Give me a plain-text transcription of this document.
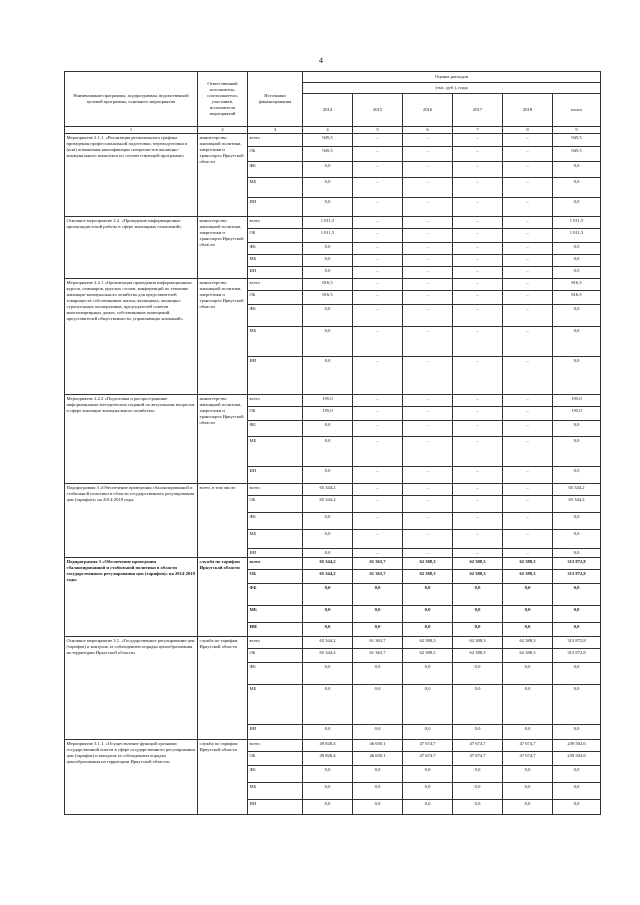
4
Наименование программы, подпрограммы, ведомственной целевой программы, основного мероприятия	Ответственный исполнитель, соисполнители, участники, исполнители мероприятий	Источники финансирования	Оценка расходов					
			(тыс. руб.), годы					
			2014	2015	2016	2017	2018	итого
1	2	3	4	5	6	7	8	9
Мероприятие 2.1.1. «Реализация регионального графика проведения профессиональной подготовки, переподготовки и (или) повышения квалификации специалистов жилищно-коммунального комплекса по соответствующей программе»	министерство жилищной политики, энергетики и транспорта Иркутской области	всего	945,5	–	–	–	–	945,5
		ОБ	945,5	–	–	–	–	945,5
		ФБ	0,0	–	–	–	–	0,0
		МБ	0,0	–	–	–	–	0,0
		ИИ	0,0	–	–	–	–	0,0
Основное мероприятие 2.2. «Проведение информационно-пропагандистской работы в сфере жилищных отношений»	министерство жилищной политики, энергетики и транспорта Иркутской области	всего	1 011,5	–	–	–	–	1 011,5
		ОБ	1 011,5	–	–	–	–	1 011,5
		ФБ	0,0	–	–	–	–	0,0
		МБ	0,0	–	–	–	–	0,0
		ИИ	0,0	–	–	–	–	0,0
Мероприятие 2.2.1 «Организация проведения информационных курсов, семинаров, круглых столов, конференций по тематике жилищно-коммунального хозяйства для представителей товариществ собственников жилья, жилищных, жилищно-строительных кооперативов, председателей советов многоквартирных домов, собственников помещений, представителей общественности, управляющих компаний»	министерство жилищной политики, энергетики и транспорта Иркутской области	всего	816,5	–	–	–	–	816,5
		ОБ	816,5	–	–	–	–	816,5
		ФБ	0,0	–	–	–	–	0,0
		МБ	0,0	–	–	–	–	0,0
		ИИ	0,0	–	–	–	–	0,0
Мероприятие 2.2.2 «Подготовка и распространение информационно-методических изданий по актуальным вопросам в сфере жилищно-коммунального хозяйства»	министерство жилищной политики, энергетики и транспорта Иркутской области	всего	195,0	–	–	–	–	195,0
		ОБ	195,0	–	–	–	–	195,0
		ФБ	0,0	–	–	–	–	0,0
		МБ	0,0	–	–	–	–	0,0
		ИИ	0,0	–	–	–	–	0,0
Подпрограмма 3 «Обеспечение проведения сбалансированной и стабильной политики в области государственного регулирования цен (тарифов)» на 2014-2018 годы	всего, в том числе:	всего	65 344,2	–	–	–	–	65 344,2
		ОБ	65 344,2	–	–	–	–	65 344,2
		ФБ	0,0	–	–	–	–	0,0
		МБ	0,0	–	–	–	–	0,0
		ИИ	0,0	–	–	–	–	0,0
Подпрограмма 3 «Обеспечение проведения сбалансированной и стабильной политики в области государственного регулирования цен (тарифов)» на 2014-2018 годы	служба по тарифам Иркутской области	всего	65 344,2	61 363,7	62 388,3	62 388,3	62 388,3	313 872,8
		ОБ	65 344,2	61 363,7	62 388,3	62 388,3	62 388,3	313 872,8
		ФБ	0,0	0,0	0,0	0,0	0,0	0,0
		МБ	0,0	0,0	0,0	0,0	0,0	0,0
		ИИ	0,0	0,0	0,0	0,0	0,0	0,0
Основное мероприятие 3.1. «Государственное регулирование цен (тарифов) и контроль за соблюдением порядка ценообразования на территории Иркутской области»	служба по тарифам Иркутской области	всего	65 344,2	61 363,7	62 388,3	62 388,3	62 388,3	313 872,8
		ОБ	65 344,2	61 363,7	62 388,3	62 388,3	62 388,3	313 872,8
		ФБ	0,0	0,0	0,0	0,0	0,0	0,0
		МБ	0,0	0,0	0,0	0,0	0,0	0,0
		ИИ	0,0	0,0	0,0	0,0	0,0	0,0
Мероприятие 3.1.1. «Осуществление функций органами государственной власти в сфере государственного регулирования цен (тарифов) и контроля за соблюдением порядка ценообразования на территории Иркутской области»	служба по тарифам Иркутской области	всего	49 828,4	46 650,1	47 674,7	47 674,7	47 674,7	239 502,6
		ОБ	49 828,4	46 650,1	47 674,7	47 674,7	47 674,7	239 502,6
		ФБ	0,0	0,0	0,0	0,0	0,0	0,0
		МБ	0,0	0,0	0,0	0,0	0,0	0,0
		ИИ	0,0	0,0	0,0	0,0	0,0	0,0
